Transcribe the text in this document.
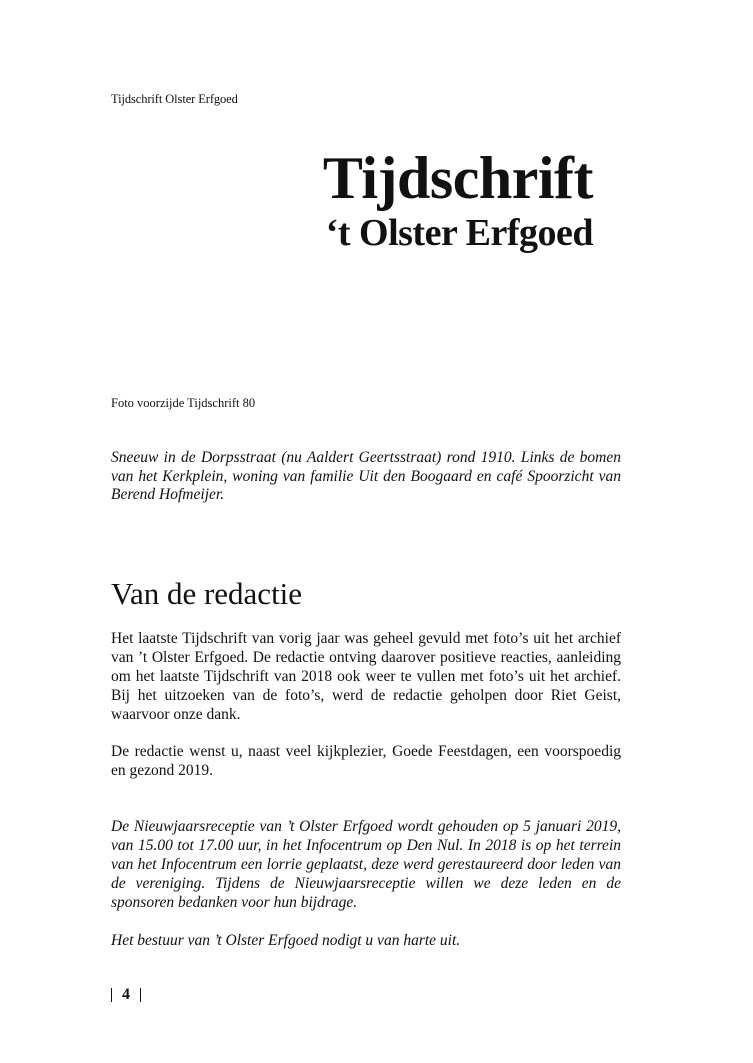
Tijdschrift Olster Erfgoed
Tijdschrift
‘t Olster Erfgoed
Foto voorzijde Tijdschrift 80

Sneeuw in de Dorpsstraat (nu Aaldert Geertsstraat) rond 1910. Links de bomen van het Kerkplein, woning van familie Uit den Boogaard en café Spoorzicht van Berend Hofmeijer.

Van de redactie

Het laatste Tijdschrift van vorig jaar was geheel gevuld met foto’s uit het archief van ’t Olster Erfgoed. De redactie ontving daarover positieve reacties, aanleiding om het laatste Tijdschrift van 2018 ook weer te vullen met foto’s uit het archief. Bij het uitzoeken van de foto’s, werd de redactie geholpen door Riet Geist, waarvoor onze dank.

De redactie wenst u, naast veel kijkplezier, Goede Feestdagen, een voorspoedig en gezond 2019.

De Nieuwjaarsreceptie van ’t Olster Erfgoed wordt gehouden op 5 januari 2019, van 15.00 tot 17.00 uur, in het Infocentrum op Den Nul. In 2018 is op het terrein van het Infocentrum een lorrie geplaatst, deze werd gerestaureerd door leden van de vereniging. Tijdens de Nieuwjaarsreceptie willen we deze leden en de sponsoren bedanken voor hun bijdrage.

Het bestuur van ’t Olster Erfgoed nodigt u van harte uit.

4
